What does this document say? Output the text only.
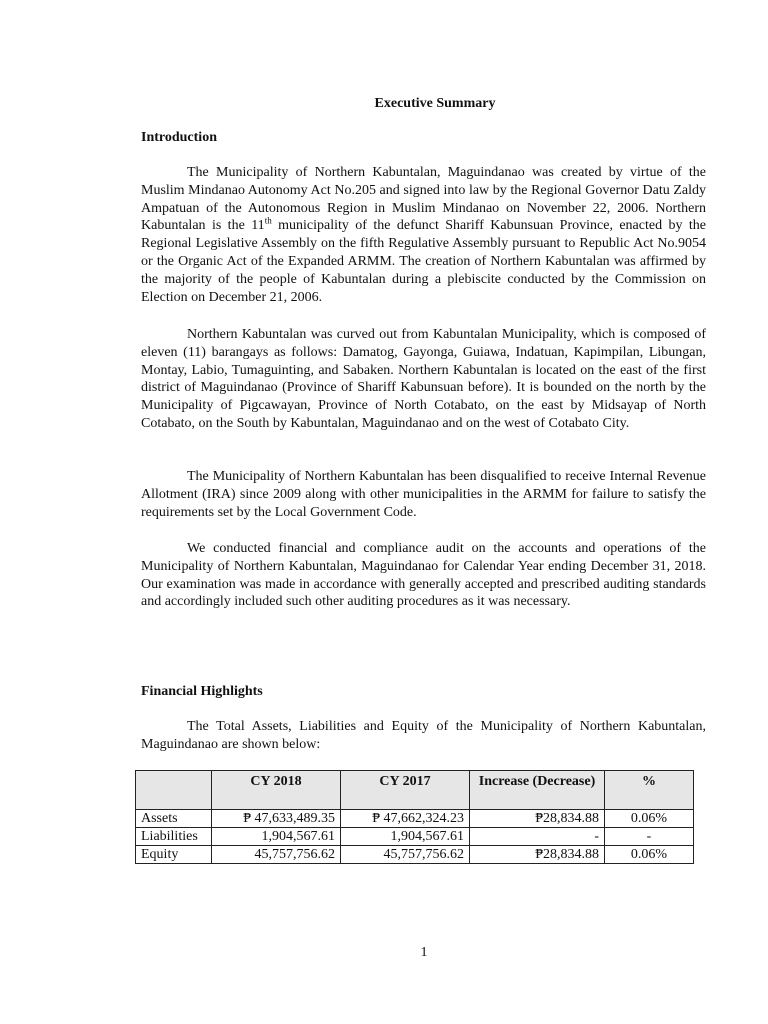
Executive Summary
Introduction
The Municipality of Northern Kabuntalan, Maguindanao was created by virtue of the Muslim Mindanao Autonomy Act No.205 and signed into law by the Regional Governor Datu Zaldy Ampatuan of the Autonomous Region in Muslim Mindanao on November 22, 2006. Northern Kabuntalan is the 11th municipality of the defunct Shariff Kabunsuan Province, enacted by the Regional Legislative Assembly on the fifth Regulative Assembly pursuant to Republic Act No.9054 or the Organic Act of the Expanded ARMM. The creation of Northern Kabuntalan was affirmed by the majority of the people of Kabuntalan during a plebiscite conducted by the Commission on Election on December 21, 2006.
Northern Kabuntalan was curved out from Kabuntalan Municipality, which is composed of eleven (11) barangays as follows: Damatog, Gayonga, Guiawa, Indatuan, Kapimpilan, Libungan, Montay, Labio, Tumaguinting, and Sabaken. Northern Kabuntalan is located on the east of the first district of Maguindanao (Province of Shariff Kabunsuan before). It is bounded on the north by the Municipality of Pigcawayan, Province of North Cotabato, on the east by Midsayap of North Cotabato, on the South by Kabuntalan, Maguindanao and on the west of Cotabato City.
The Municipality of Northern Kabuntalan has been disqualified to receive Internal Revenue Allotment (IRA) since 2009 along with other municipalities in the ARMM for failure to satisfy the requirements set by the Local Government Code.
We conducted financial and compliance audit on the accounts and operations of the Municipality of Northern Kabuntalan, Maguindanao for Calendar Year ending December 31, 2018. Our examination was made in accordance with generally accepted and prescribed auditing standards and accordingly included such other auditing procedures as it was necessary.
Financial Highlights
The Total Assets, Liabilities and Equity of the Municipality of Northern Kabuntalan, Maguindanao are shown below:
	CY 2018	CY 2017	Increase (Decrease)	%
Assets	₱ 47,633,489.35	₱ 47,662,324.23	₱28,834.88	0.06%
Liabilities	1,904,567.61	1,904,567.61	-	-
Equity	45,757,756.62	45,757,756.62	₱28,834.88	0.06%
1
